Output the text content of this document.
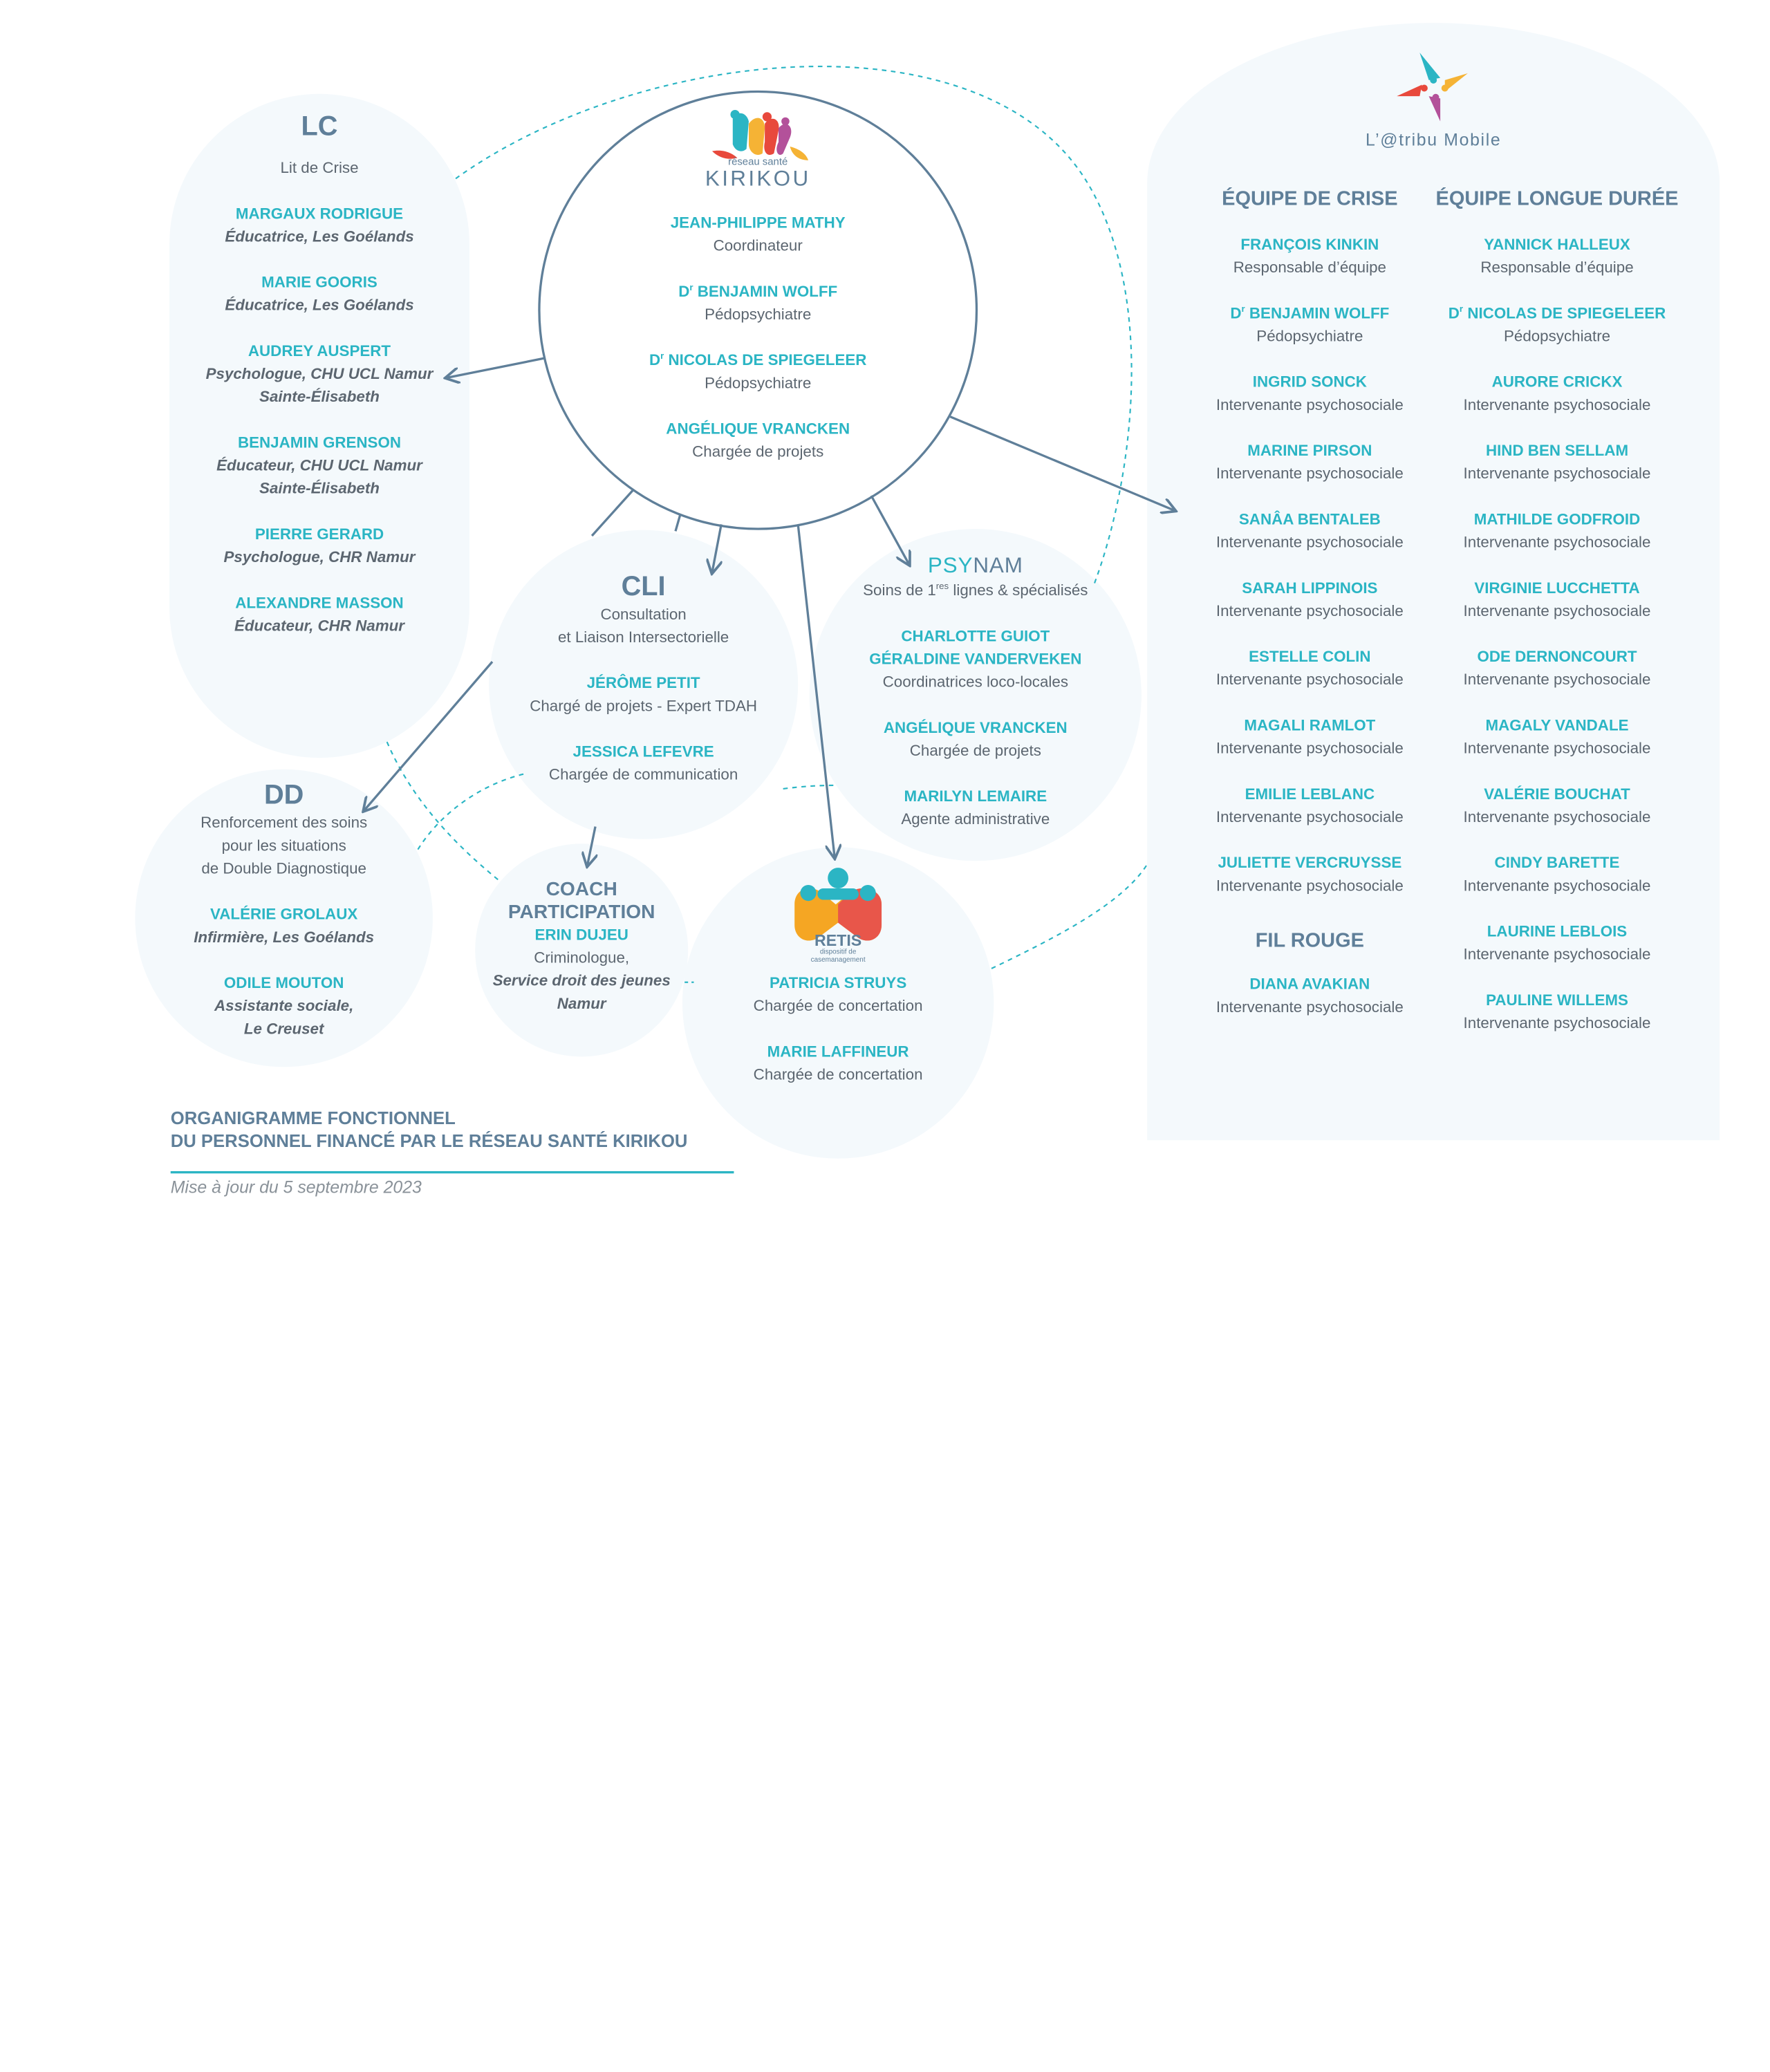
réseau santé
KIRIKOU
JEAN-PHILIPPE MATHY
Coordinateur
$D^r$ BENJAMIN WOLFF
Pédopsychiatre
$D^r$ NICOLAS DE SPIEGELEER
Pédopsychiatre
ANGÉLIQUE VRANCKEN
Chargée de projets
LC
Lit de Crise
MARGAUX RODRIGUE
Éducatrice, Les Goélands
MARIE GOORIS
Éducatrice, Les Goélands
AUDREY AUSPERT
Psychologue, CHU UCL Namur
Sainte-Élisabeth
BENJAMIN GRENSON
Éducateur, CHU UCL Namur
Sainte-Élisabeth
PIERRE GERARD
Psychologue, CHR Namur
ALEXANDRE MASSON
Éducateur, CHR Namur
CLI
Consultation
et Liaison Intersectorielle
JÉRÔME PETIT
Chargé de projets - Expert TDAH
JESSICA LEFEVRE
Chargée de communication
PSYNAM
Soins de 1res lignes & spécialisés
CHARLOTTE GUIOT
GÉRALDINE VANDERVEKEN
Coordinatrices loco-locales
ANGÉLIQUE VRANCKEN
Chargée de projets
MARILYN LEMAIRE
Agente administrative
DD
Renforcement des soins
pour les situations
de Double Diagnostique
VALÉRIE GROLAUX
Infirmière, Les Goélands
ODILE MOUTON
Assistante sociale,
Le Creuset
COACH
PARTICIPATION
ERIN DUJEU
Criminologue,
Service droit des jeunes
Namur
RETIS
dispositif de
casemanagement
PATRICIA STRUYS
Chargée de concertation
MARIE LAFFINEUR
Chargée de concertation
L’@tribu Mobile
ÉQUIPE DE CRISE
FRANÇOIS KINKIN
Responsable d’équipe
$D^r$ BENJAMIN WOLFF
Pédopsychiatre
INGRID SONCK
Intervenante psychosociale
MARINE PIRSON
Intervenante psychosociale
SANÂA BENTALEB
Intervenante psychosociale
SARAH LIPPINOIS
Intervenante psychosociale
ESTELLE COLIN
Intervenante psychosociale
MAGALI RAMLOT
Intervenante psychosociale
EMILIE LEBLANC
Intervenante psychosociale
JULIETTE VERCRUYSSE
Intervenante psychosociale
FIL ROUGE
DIANA AVAKIAN
Intervenante psychosociale
ÉQUIPE LONGUE DURÉE
YANNICK HALLEUX
Responsable d’équipe
$D^r$ NICOLAS DE SPIEGELEER
Pédopsychiatre
AURORE CRICKX
Intervenante psychosociale
HIND BEN SELLAM
Intervenante psychosociale
MATHILDE GODFROID
Intervenante psychosociale
VIRGINIE LUCCHETTA
Intervenante psychosociale
ODE DERNONCOURT
Intervenante psychosociale
MAGALY VANDALE
Intervenante psychosociale
VALÉRIE BOUCHAT
Intervenante psychosociale
CINDY BARETTE
Intervenante psychosociale
LAURINE LEBLOIS
Intervenante psychosociale
PAULINE WILLEMS
Intervenante psychosociale
ORGANIGRAMME FONCTIONNEL
DU PERSONNEL FINANCÉ PAR LE RÉSEAU SANTÉ KIRIKOU
Mise à jour du 5 septembre 2023
